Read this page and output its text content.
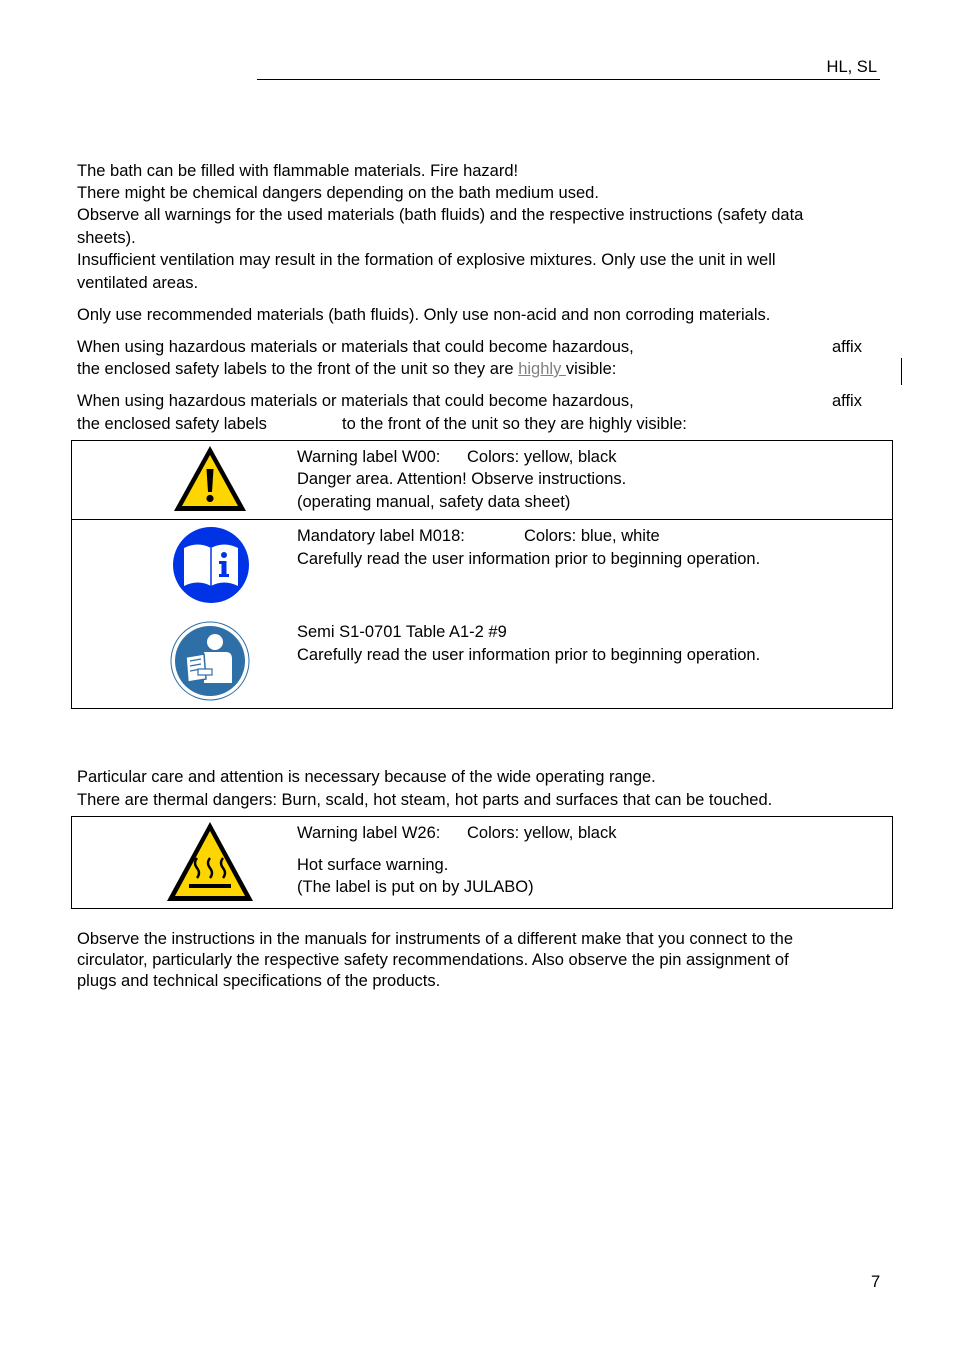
HL, SL
The bath can be filled with flammable materials. Fire hazard!
There might be chemical dangers depending on the bath medium used.
Observe all warnings for the used materials (bath fluids) and the respective instructions (safety data
sheets).
Insufficient ventilation may result in the formation of explosive mixtures. Only use the unit in well
ventilated areas.
Only use recommended materials (bath fluids). Only use non-acid and non corroding materials.
When using hazardous materials or materials that could become hazardous,	affix
the enclosed safety labels to the front of the unit so they are highly visible:
When using hazardous materials or materials that could become hazardous,	affix
the enclosed safety labels	to the front of the unit so they are highly visible:
Warning label W00: Colors: yellow, black
Danger area. Attention! Observe instructions.
(operating manual, safety data sheet)
Mandatory label M018:	Colors: blue, white
Carefully read the user information prior to beginning operation.
Semi S1-0701 Table A1-2 #9
Carefully read the user information prior to beginning operation.
Particular care and attention is necessary because of the wide operating range.
There are thermal dangers: Burn, scald, hot steam, hot parts and surfaces that can be touched.
Warning label W26: Colors: yellow, black
Hot surface warning.
(The label is put on by JULABO)
Observe the instructions in the manuals for instruments of a different make that you connect to the
circulator, particularly the respective safety recommendations. Also observe the pin assignment of
plugs and technical specifications of the products.
7
